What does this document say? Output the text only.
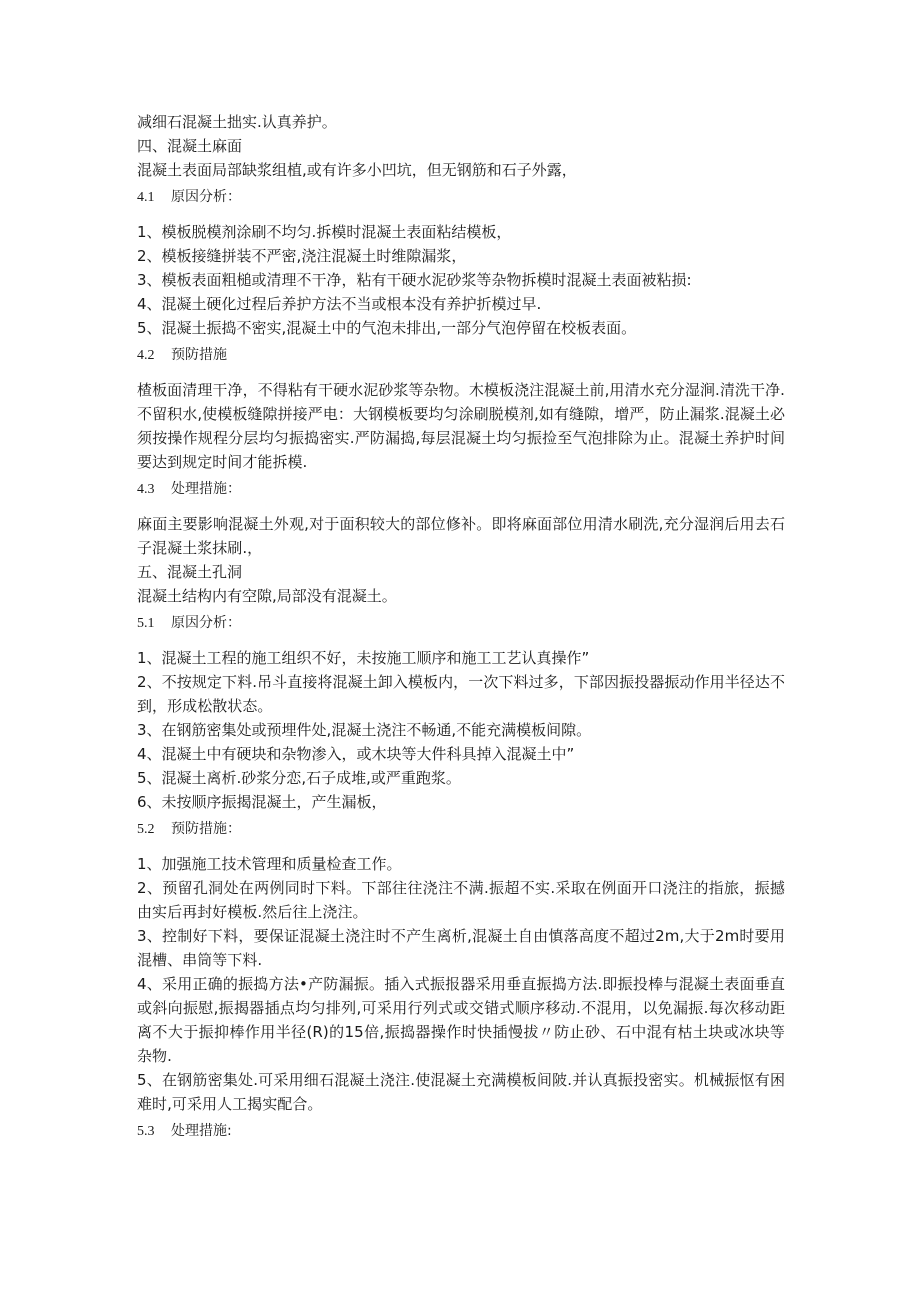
减细石混凝土拙实.认真养护。

四、混凝土麻面

混凝土表面局部缺浆组植,或有许多小凹坑，但无钢筋和石子外露，

4.1 原因分析：

1、模板脱模剂涂刷不均匀.拆模时混凝土表面粘结模板，

2、模板接缝拼装不严密,浇注混凝土时维隙漏浆，

3、模板表面粗槌或清理不干净，粘有干硬水泥砂浆等杂物拆模时混凝土表面被粘损:

4、混凝土硬化过程后养护方法不当或根本没有养护折模过早.

5、混凝土振捣不密实,混凝土中的气泡未排出,一部分气泡停留在校板表面。

4.2 预防措施

楂板面清理干净，不得粘有干硬水泥砂浆等杂物。木模板浇注混凝土前,用清水充分湿涧.清洗干净.不留积水,使模板缝隙拼接严电：大钢模板要均匀涂刷脱模剂,如有缝隙，增严，防止漏浆.混凝土必须按操作规程分层均匀振捣密实.严防漏捣,每层混凝土均匀振捡至气泡排除为止。混凝土养护时间要达到规定时间才能拆模.

4.3 处理措施：

麻面主要影响混凝土外观,对于面积较大的部位修补。即将麻面部位用清水刷洗,充分湿润后用去石子混凝土浆抹刷.，

五、混凝土孔洞

混凝土结构内有空隙,局部没有混凝土。

5.1 原因分析：

1、混凝土工程的施工组织不好，未按施工顺序和施工工艺认真操作”

2、不按规定下料.吊斗直接将混凝土卸入模板内，一次下料过多，下部因振投器振动作用半径达不到，形成松散状态。

3、在钢筋密集处或预埋件处,混凝土浇注不畅通,不能充满模板间隙。

4、混凝土中有硬块和杂物渗入，或木块等大件科具掉入混凝土中”

5、混凝土离析.砂浆分恋,石子成堆,或严重跑浆。

6、未按顺序振揭混凝土，产生漏板，

5.2 预防措施：

1、加强施工技术管理和质量检查工作。

2、预留孔洞处在两例同时下料。下部往往浇注不满.振超不实.采取在例面开口浇注的指旅，振撼由实后再封好模板.然后往上浇注。

3、控制好下料，要保证混凝土浇注时不产生离析,混凝土自由慎落高度不超过2m,大于2m时要用混槽、串筒等下料.

4、采用正确的振捣方法•产防漏振。插入式振报器采用垂直振捣方法.即振投棒与混凝土表面垂直或斜向振慰,振揭器插点均匀排列,可采用行列式或交错式顺序移动.不混用，以免漏振.每次移动距离不大于振抑棒作用半径(R)的15倍,振捣器操作时快插慢拔〃防止砂、石中混有枯土块或冰块等杂物.

5、在钢筋密集处.可采用细石混凝土浇注.使混凝土充满模板间陂.并认真振投密实。机械振怄有困难时,可采用人工揭实配合。

5.3 处理措施:
